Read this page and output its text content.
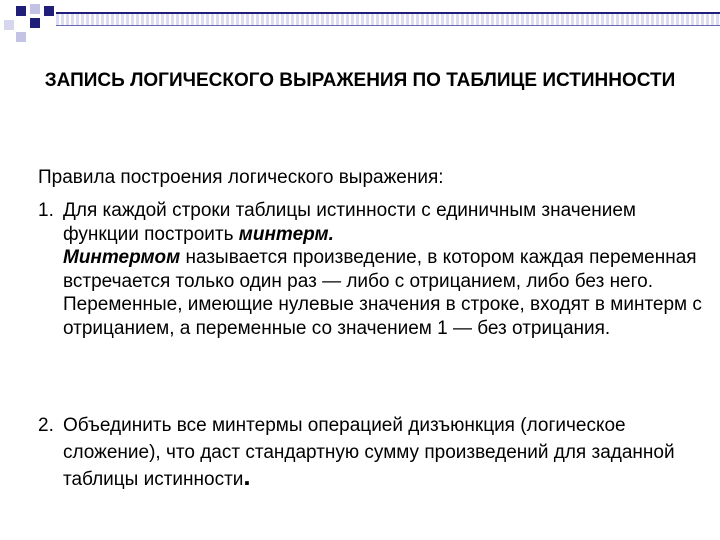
ЗАПИСЬ ЛОГИЧЕСКОГО ВЫРАЖЕНИЯ ПО ТАБЛИЦЕ ИСТИННОСТИ
Правила построения логического выражения:
1. Для каждой строки таблицы истинности с единичным значением функции построить минтерм.
Минтермом называется произведение, в котором каждая переменная встречается только один раз — либо с отрицанием, либо без него. Переменные, имеющие нулевые значения в строке, входят в минтерм с отрицанием, а переменные со значением 1 — без отрицания.
2. Объединить все минтермы операцией дизъюнкция (логическое сложение), что даст стандартную сумму произведений для заданной таблицы истинности.
